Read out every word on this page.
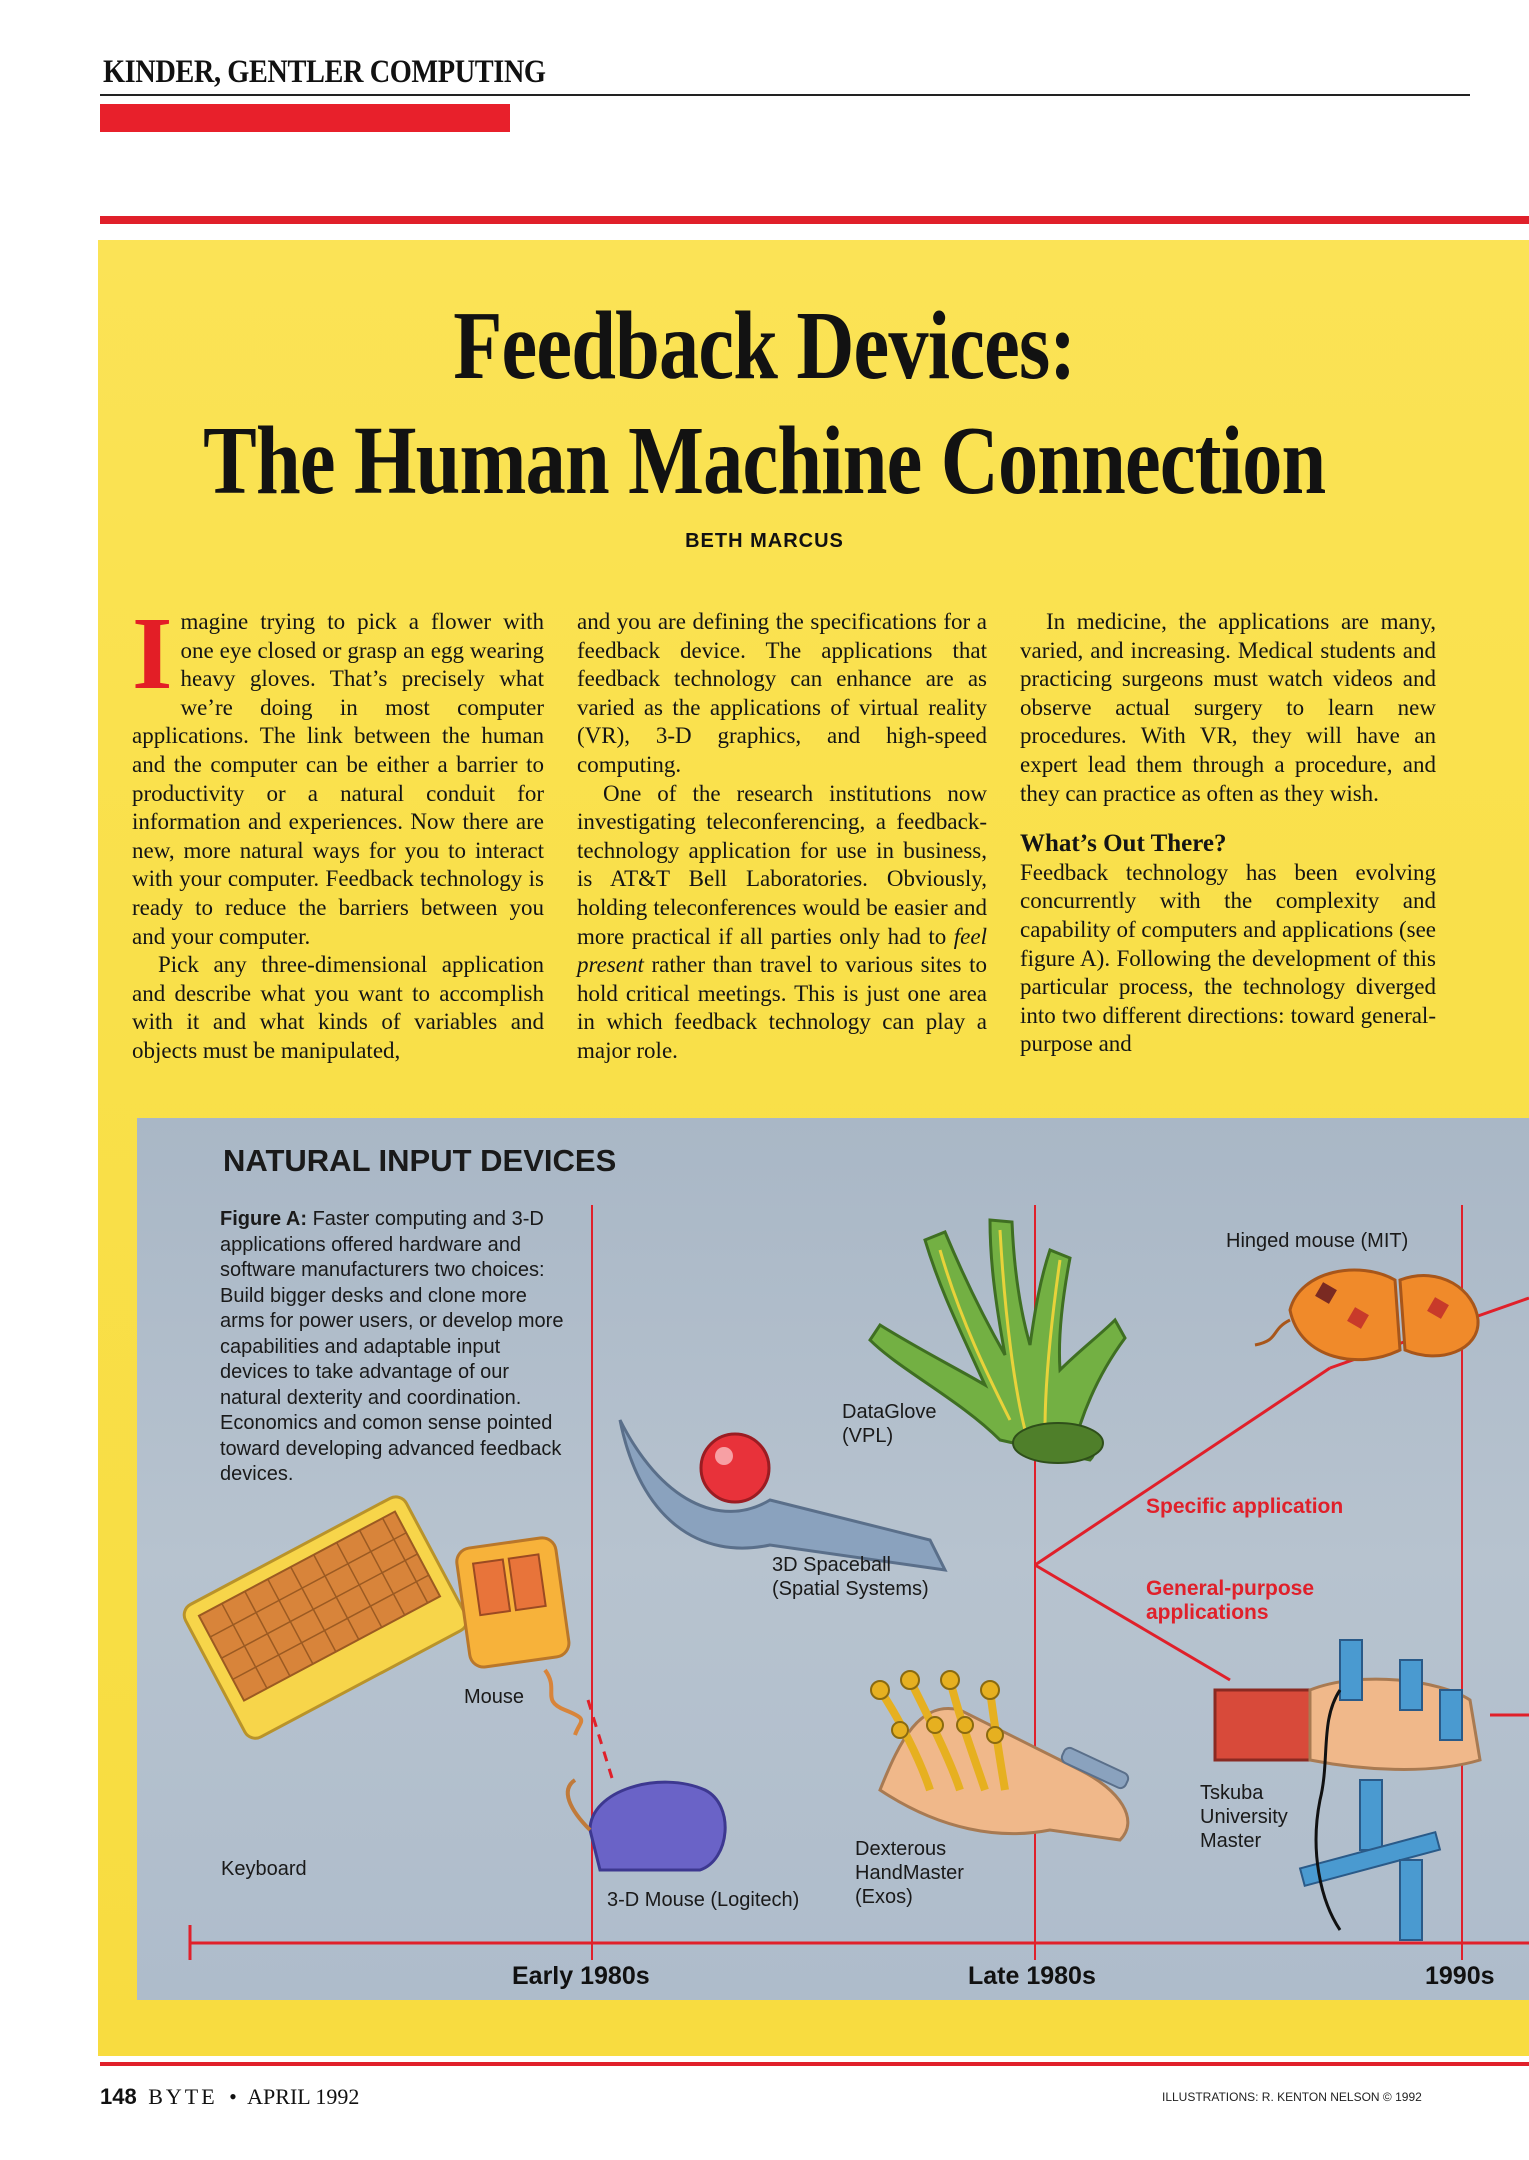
KINDER, GENTLER COMPUTING
Feedback Devices:
The Human Machine Connection
BETH MARCUS

Imagine trying to pick a flower with one eye closed or grasp an egg wearing heavy gloves. That’s precisely what we’re doing in most computer applications. The link between the human and the computer can be either a barrier to productivity or a natural conduit for information and experiences. Now there are new, more natural ways for you to interact with your computer. Feedback technology is ready to reduce the barriers between you and your computer.

Pick any three-dimensional application and describe what you want to accomplish with it and what kinds of variables and objects must be manipulated,

and you are defining the specifications for a feedback device. The applications that feedback technology can enhance are as varied as the applications of virtual reality (VR), 3-D graphics, and high-speed computing.

One of the research institutions now investigating teleconferencing, a feedback-technology application for use in business, is AT&T Bell Laboratories. Obviously, holding teleconferences would be easier and more practical if all parties only had to feel present rather than travel to various sites to hold critical meetings. This is just one area in which feedback technology can play a major role.

In medicine, the applications are many, varied, and increasing. Medical students and practicing surgeons must watch videos and observe actual surgery to learn new procedures. With VR, they will have an expert lead them through a procedure, and they can practice as often as they wish.

What’s Out There?

Feedback technology has been evolving concurrently with the complexity and capability of computers and applications (see figure A). Following the development of this particular process, the technology diverged into two different directions: toward general-purpose and

NATURAL INPUT DEVICES
Figure A: Faster computing and 3-D applications offered hardware and software manufacturers two choices: Build bigger desks and clone more arms for power users, or develop more capabilities and adaptable input devices to take advantage of our natural dexterity and coordination. Economics and comon sense pointed toward developing advanced feedback devices.
Hinged mouse (MIT)
DataGlove
(VPL)
3D Spaceball
(Spatial Systems)
Mouse
Keyboard
3-D Mouse (Logitech)
Dexterous
HandMaster
(Exos)
Tskuba
University
Master
Specific application
General-purpose
applications
Early 1980s	Late 1980s	1990s
148 BYTE • APRIL 1992	ILLUSTRATIONS: R. KENTON NELSON © 1992
